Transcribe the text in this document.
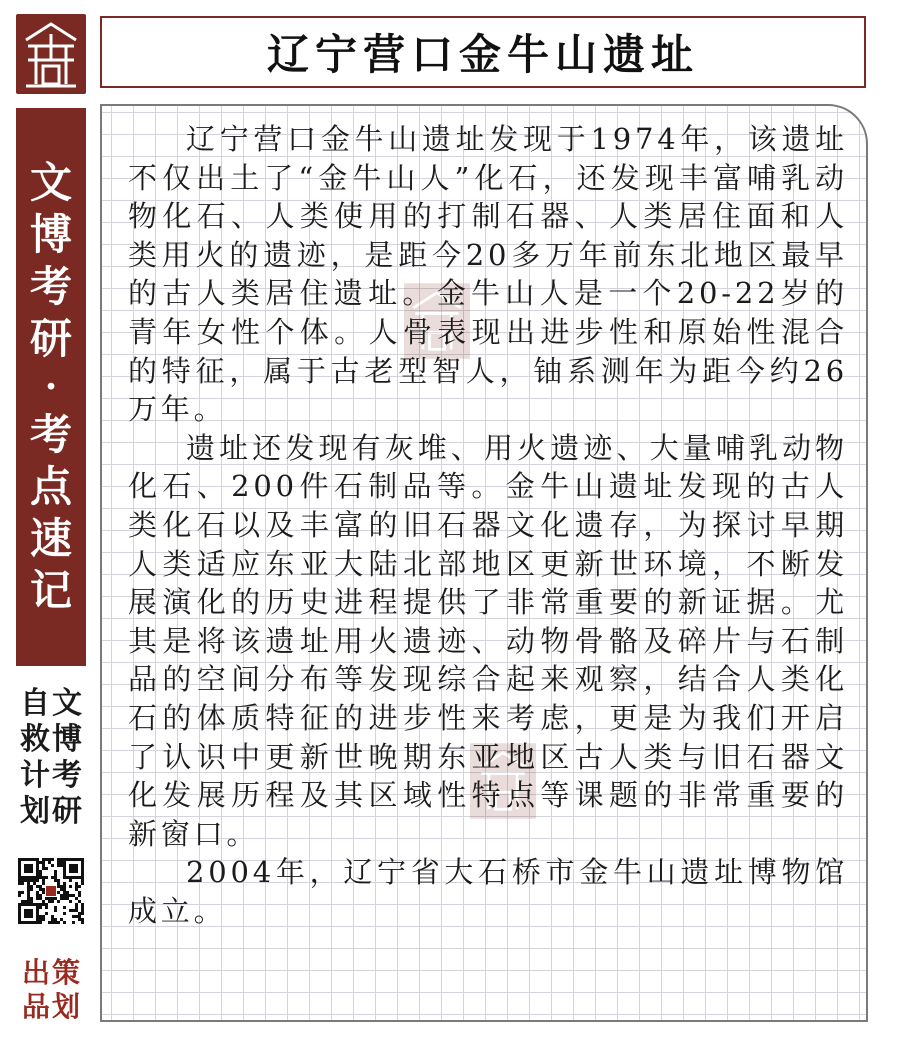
文
博
考
研
·
考
点
速
记
文
博
考
研
自
救
计
划
策
划
出
品
辽宁营口金牛山遗址

辽宁营口金牛山遗址发现于1974年，该遗址不仅出土了“金牛山人”化石，还发现丰富哺乳动物化石、人类使用的打制石器、人类居住面和人类用火的遗迹，是距今20多万年前东北地区最早的古人类居住遗址。金牛山人是一个20-22岁的青年女性个体。人骨表现出进步性和原始性混合的特征，属于古老型智人，铀系测年为距今约26万年。

遗址还发现有灰堆、用火遗迹、大量哺乳动物化石、200件石制品等。金牛山遗址发现的古人类化石以及丰富的旧石器文化遗存，为探讨早期人类适应东亚大陆北部地区更新世环境，不断发展演化的历史进程提供了非常重要的新证据。尤其是将该遗址用火遗迹、动物骨骼及碎片与石制品的空间分布等发现综合起来观察，结合人类化石的体质特征的进步性来考虑，更是为我们开启了认识中更新世晚期东亚地区古人类与旧石器文化发展历程及其区域性特点等课题的非常重要的新窗口。

2004年，辽宁省大石桥市金牛山遗址博物馆成立。
